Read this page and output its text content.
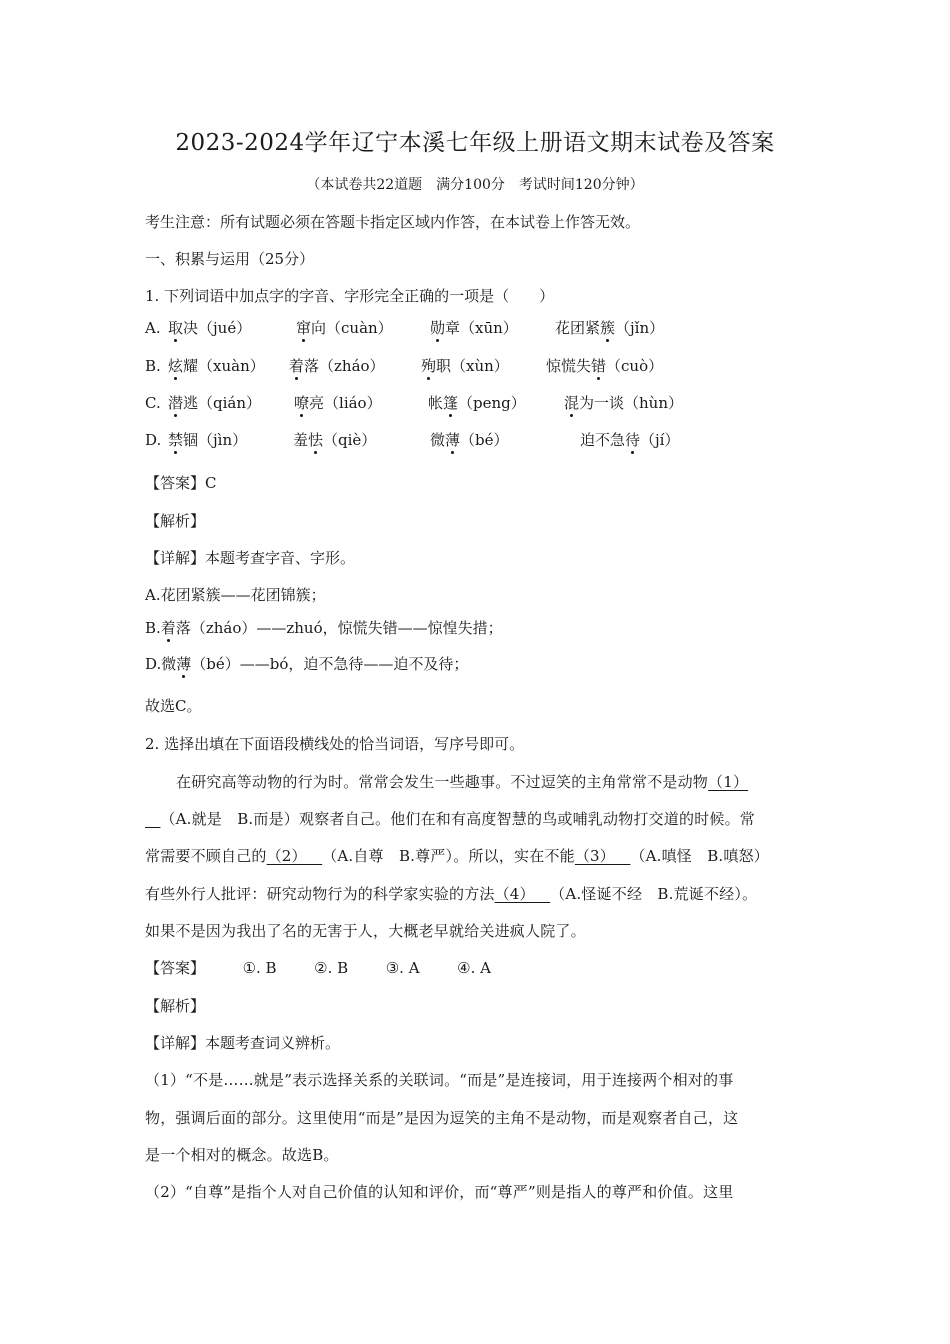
2023-2024学年辽宁本溪七年级上册语文期末试卷及答案
（本试卷共22道题　满分100分　考试时间120分钟）
考生注意：所有试题必须在答题卡指定区域内作答，在本试卷上作答无效。
一、积累与运用（25分）
1. 下列词语中加点字的字音、字形完全正确的一项是（　　）
A. 取决（jué）	窜向（cuàn） 勋章（xūn） 花团紧簇（jǐn）
B. 炫耀（xuàn） 着落（zháo） 殉职（xùn） 惊慌失错（cuò）
C. 潜逃（qián） 嘹亮（liáo）	帐篷（peng）	混为一谈（hùn）
D. 禁锢（jìn）	羞怯（qiè）	微薄（bé）	迫不急待（jí）
【答案】C
【解析】
【详解】本题考查字音、字形。
A.花团紧簇——花团锦簇；
B.着落（zháo）——zhuó，惊慌失错——惊惶失措；
D.微薄（bé）——bó，迫不急待——迫不及待；
故选C。
2. 选择出填在下面语段横线处的恰当词语，写序号即可。
在研究高等动物的行为时。常常会发生一些趣事。不过逗笑的主角常常不是动物（1）
__（A.就是　B.而是）观察者自己。他们在和有高度智慧的鸟或哺乳动物打交道的时候。常
常需要不顾自己的（2）__（A.自尊　B.尊严）。所以，实在不能（3）__（A.嗔怪　B.嗔怒）
有些外行人批评：研究动物行为的科学家实验的方法（4）__（A.怪诞不经　B.荒诞不经）。
如果不是因为我出了名的无害于人，大概老早就给关进疯人院了。
【答案】	①. B	②. B	③. A	④. A
【解析】
【详解】本题考查词义辨析。
（1）“不是……就是”表示选择关系的关联词。“而是”是连接词，用于连接两个相对的事
物，强调后面的部分。这里使用“而是”是因为逗笑的主角不是动物，而是观察者自己，这
是一个相对的概念。故选B。
（2）“自尊”是指个人对自己价值的认知和评价，而“尊严”则是指人的尊严和价值。这里
